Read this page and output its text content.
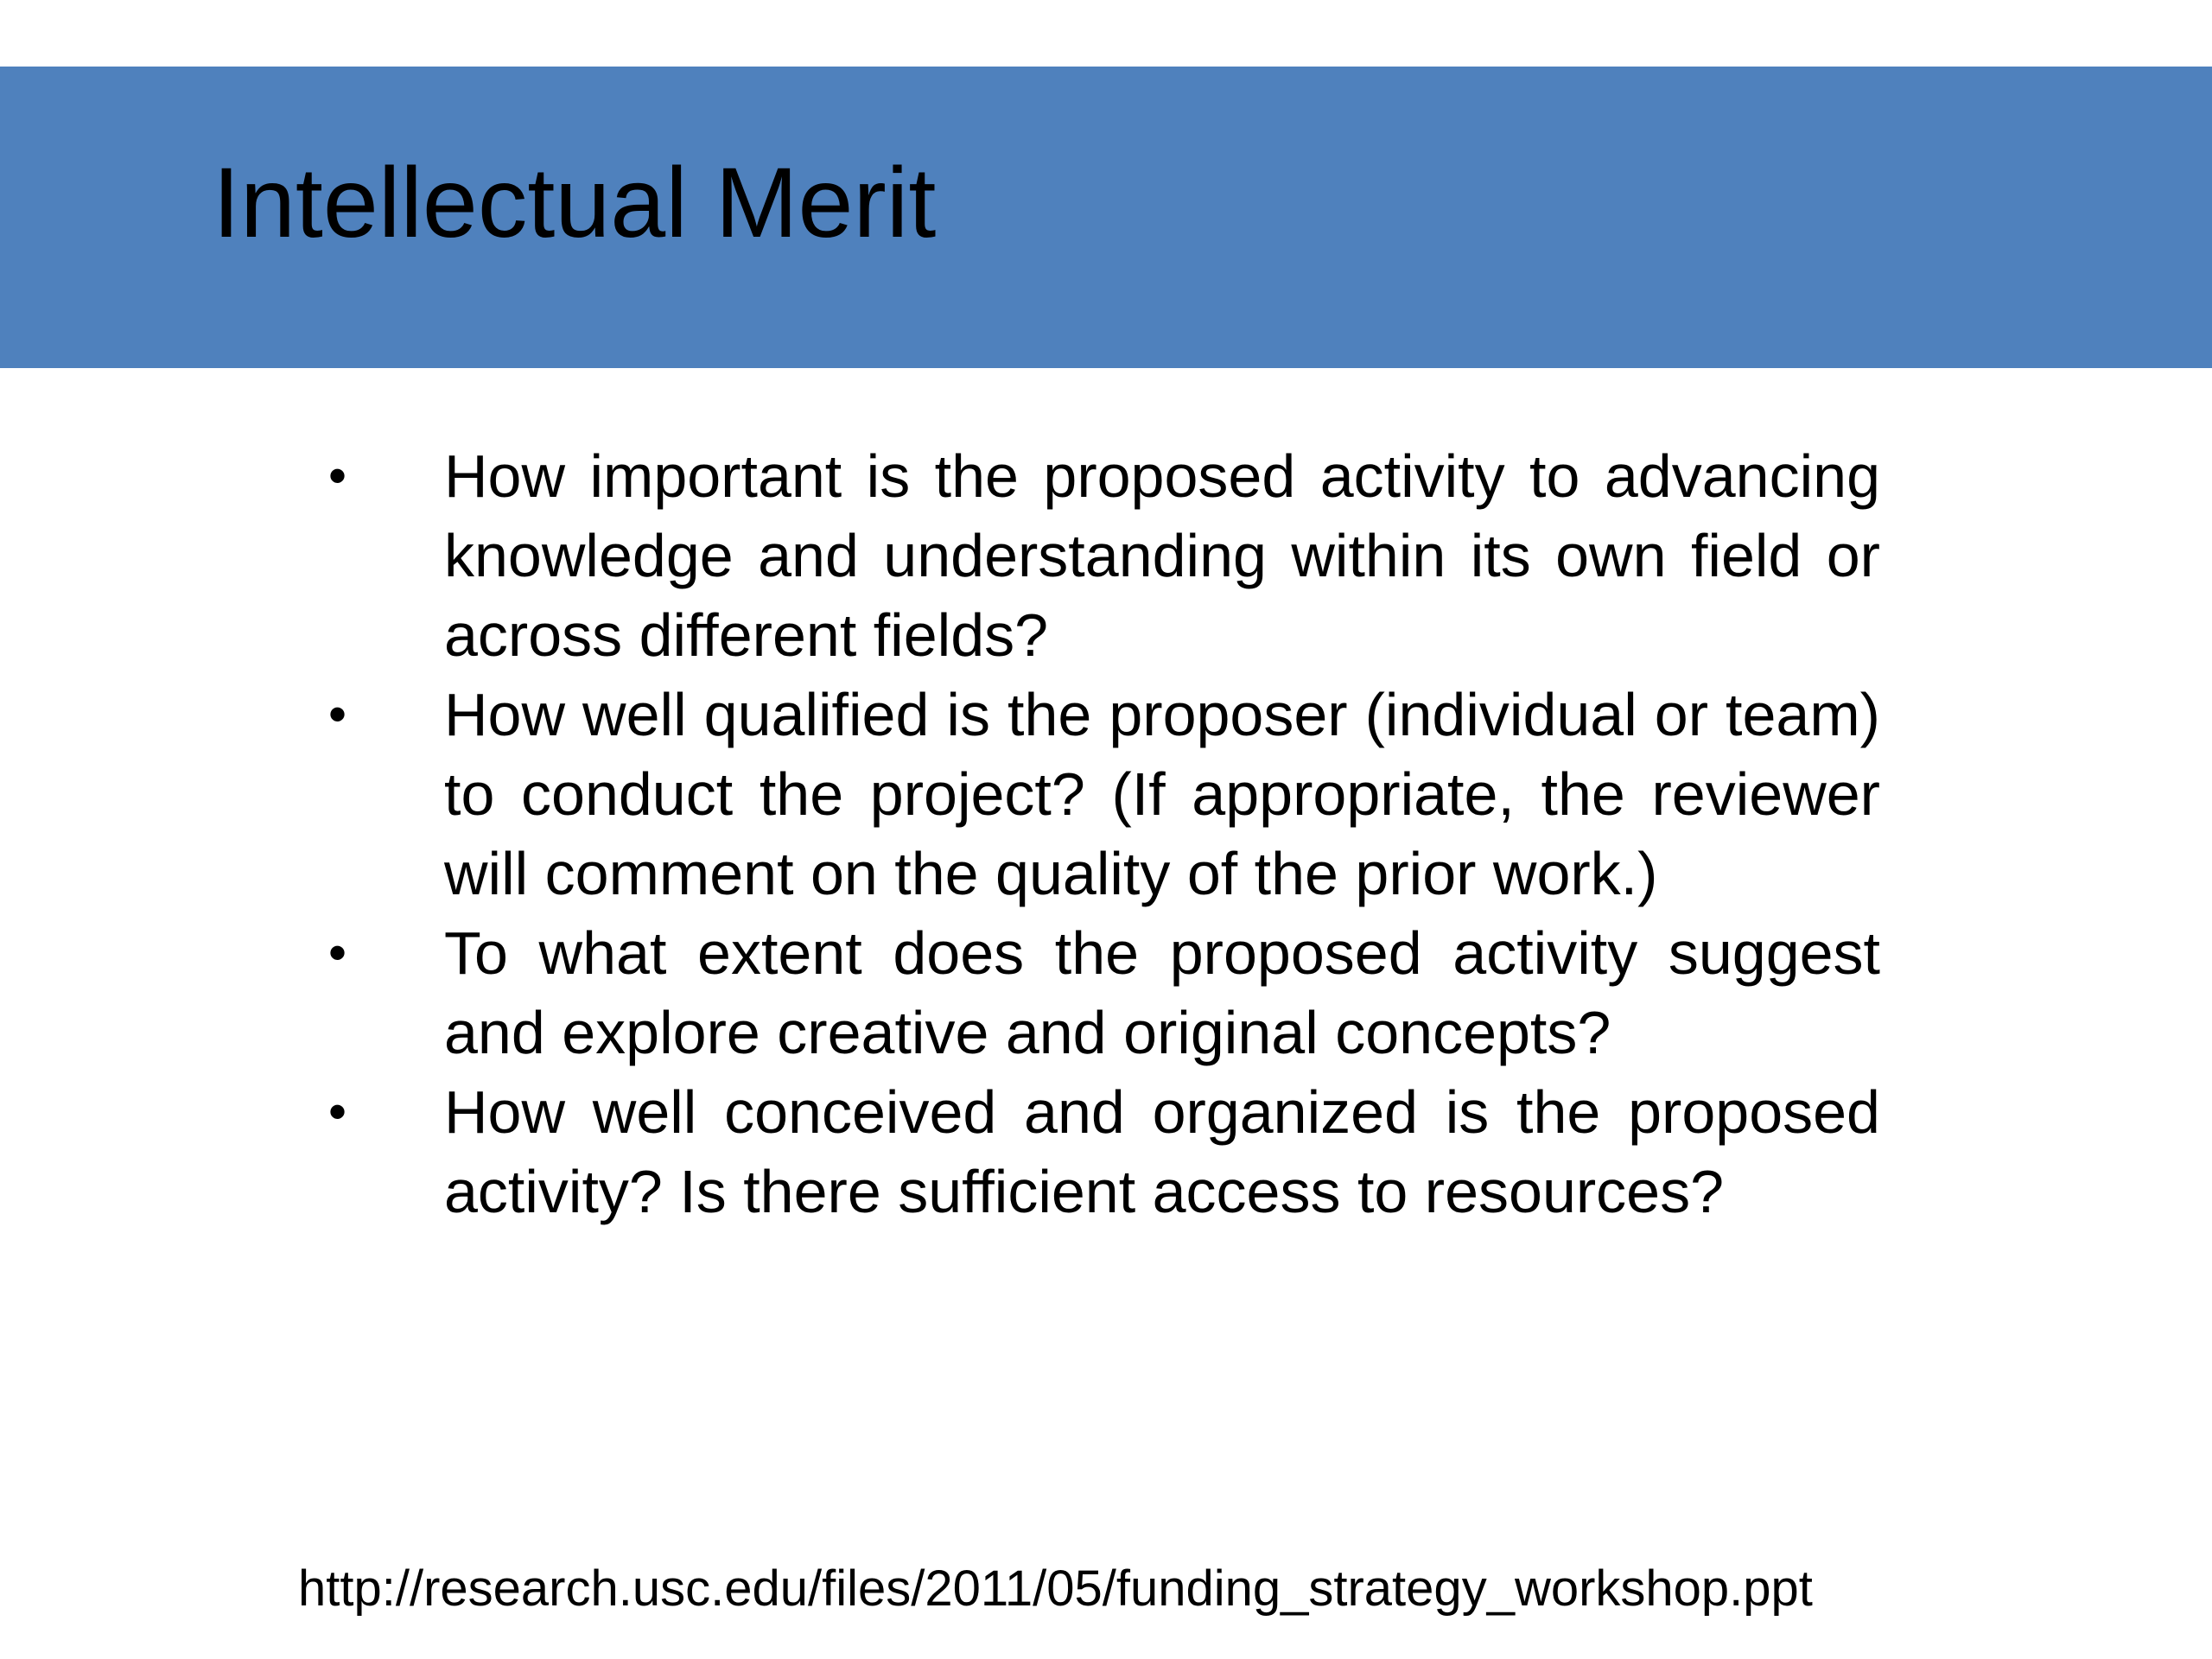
Intellectual Merit
• How important is the proposed activity to advancing knowledge and understanding within its own field or across different fields?
• How well qualified is the proposer (individual or team) to conduct the project? (If appropriate, the reviewer will comment on the quality of the prior work.)
• To what extent does the proposed activity suggest and explore creative and original concepts?
• How well conceived and organized is the proposed activity? Is there sufficient access to resources?
http://research.usc.edu/files/2011/05/funding_strategy_workshop.ppt
